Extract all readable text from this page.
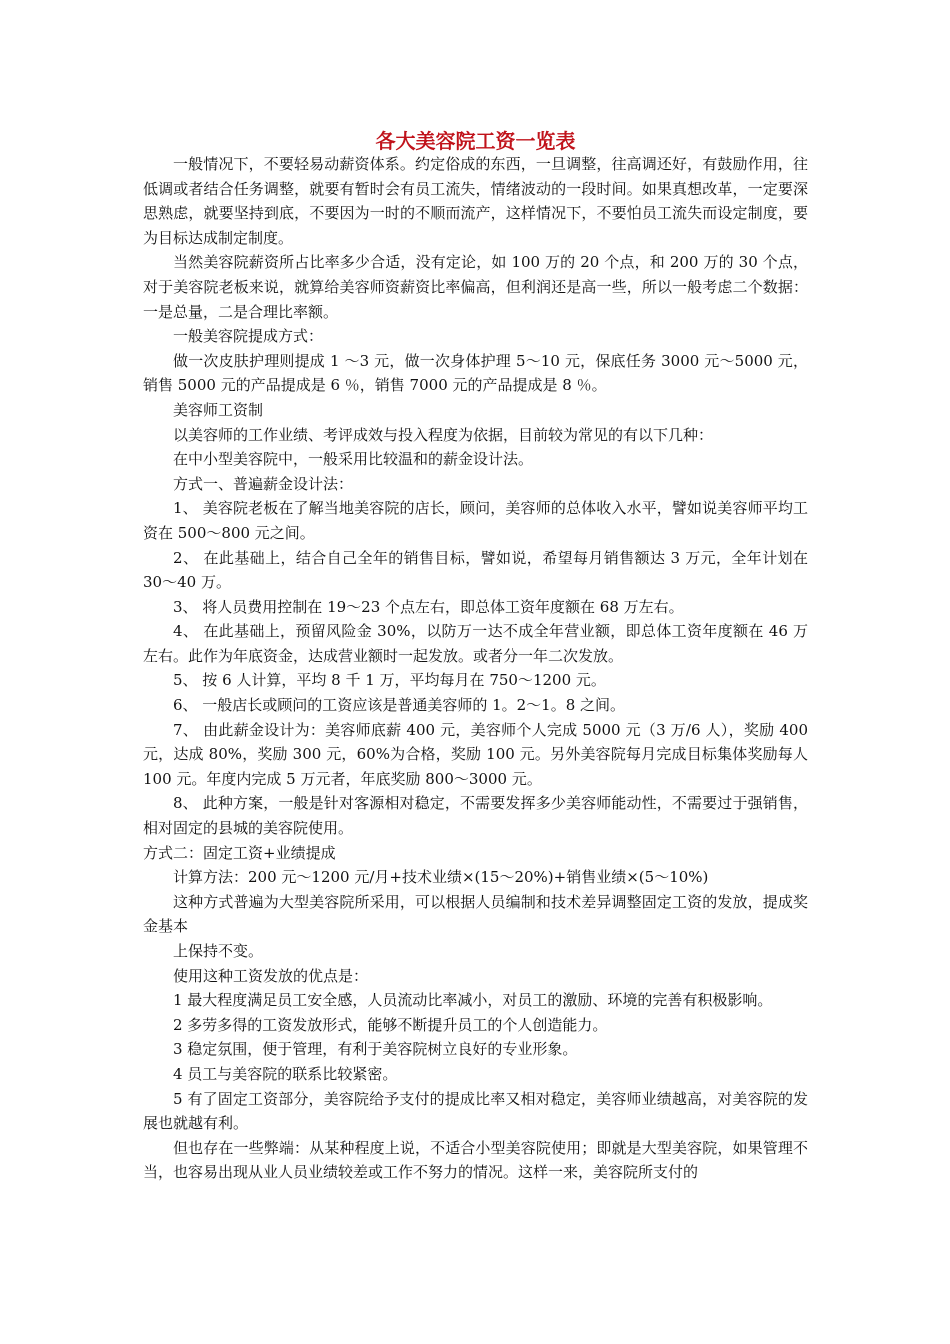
各大美容院工资一览表

一般情况下，不要轻易动薪资体系。约定俗成的东西，一旦调整，往高调还好，有鼓励作用，往低调或者结合任务调整，就要有暂时会有员工流失，情绪波动的一段时间。如果真想改革，一定要深思熟虑，就要坚持到底，不要因为一时的不顺而流产，这样情况下，不要怕员工流失而设定制度，要为目标达成制定制度。

当然美容院薪资所占比率多少合适，没有定论，如 100 万的 20 个点，和 200 万的 30 个点，对于美容院老板来说，就算给美容师资薪资比率偏高，但利润还是高一些，所以一般考虑二个数据：一是总量，二是合理比率额。

一般美容院提成方式：

做一次皮肤护理则提成 1 ～3 元，做一次身体护理 5～10 元，保底任务 3000 元～5000 元，销售 5000 元的产品提成是 6 ％，销售 7000 元的产品提成是 8 ％。

美容师工资制

以美容师的工作业绩、考评成效与投入程度为依据，目前较为常见的有以下几种：

在中小型美容院中，一般采用比较温和的薪金设计法。

方式一、普遍薪金设计法：

1、 美容院老板在了解当地美容院的店长，顾问，美容师的总体收入水平，譬如说美容师平均工资在 500～800 元之间。

2、 在此基础上，结合自己全年的销售目标，譬如说，希望每月销售额达 3 万元，全年计划在 30～40 万。

3、 将人员费用控制在 19～23 个点左右，即总体工资年度额在 68 万左右。

4、 在此基础上，预留风险金 30%，以防万一达不成全年营业额，即总体工资年度额在 46 万左右。此作为年底资金，达成营业额时一起发放。或者分一年二次发放。

5、 按 6 人计算，平均 8 千 1 万，平均每月在 750～1200 元。

6、 一般店长或顾问的工资应该是普通美容师的 1。2～1。8 之间。

7、 由此薪金设计为：美容师底薪 400 元，美容师个人完成 5000 元（3 万/6 人），奖励 400 元，达成 80%，奖励 300 元，60%为合格，奖励 100 元。另外美容院每月完成目标集体奖励每人 100 元。年度内完成 5 万元者，年底奖励 800～3000 元。

8、 此种方案，一般是针对客源相对稳定，不需要发挥多少美容师能动性，不需要过于强销售，相对固定的县城的美容院使用。

方式二：固定工资+业绩提成

计算方法：200 元～1200 元/月+技术业绩×(15～20%)+销售业绩×(5～10%)

这种方式普遍为大型美容院所采用，可以根据人员编制和技术差异调整固定工资的发放，提成奖金基本

上保持不变。

使用这种工资发放的优点是：

1 最大程度满足员工安全感，人员流动比率减小，对员工的激励、环境的完善有积极影响。

2 多劳多得的工资发放形式，能够不断提升员工的个人创造能力。

3 稳定氛围，便于管理，有利于美容院树立良好的专业形象。

4 员工与美容院的联系比较紧密。

5 有了固定工资部分，美容院给予支付的提成比率又相对稳定，美容师业绩越高，对美容院的发展也就越有利。

但也存在一些弊端：从某种程度上说，不适合小型美容院使用；即就是大型美容院，如果管理不当，也容易出现从业人员业绩较差或工作不努力的情况。这样一来，美容院所支付的
